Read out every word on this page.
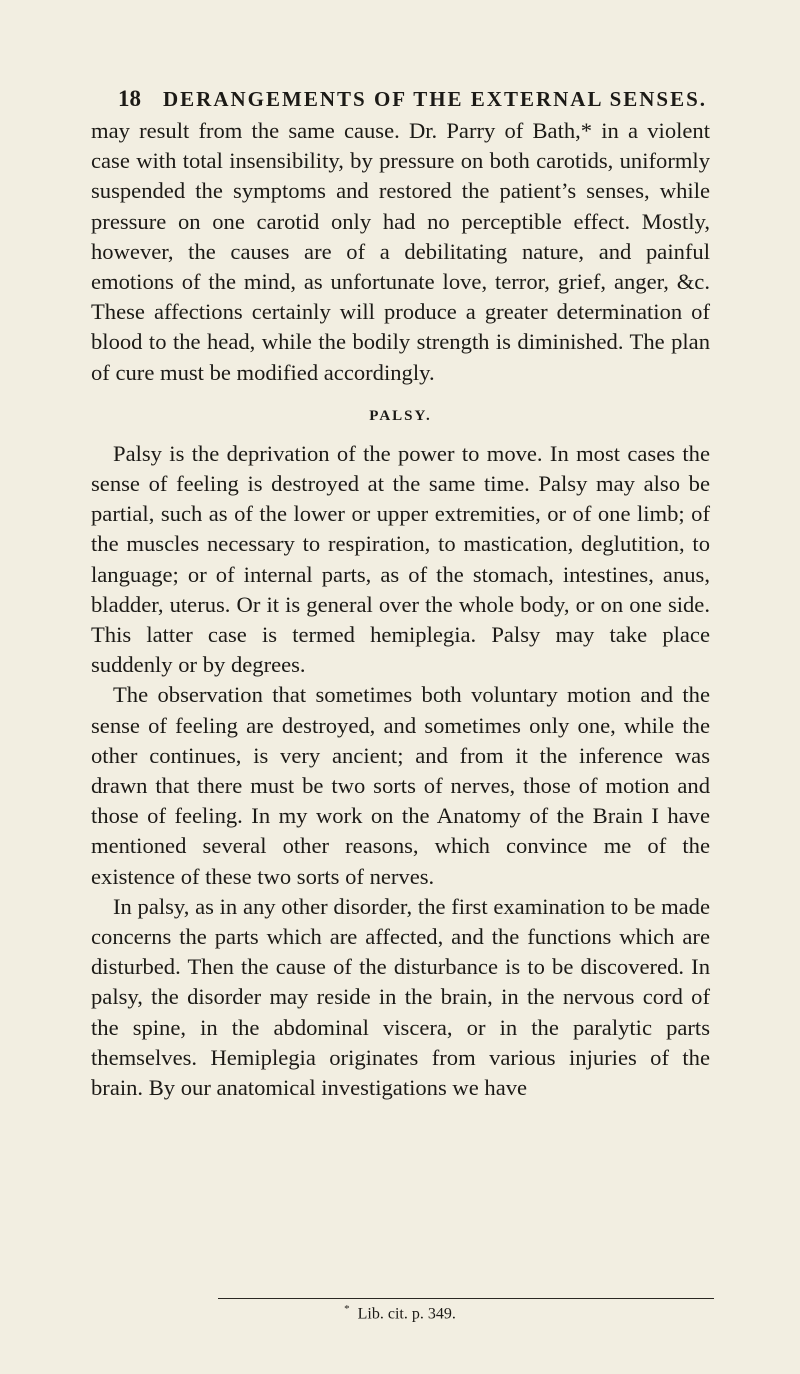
18 DERANGEMENTS OF THE EXTERNAL SENSES.

may result from the same cause. Dr. Parry of Bath,* in a violent case with total insensibility, by pressure on both carotids, uniformly suspended the symptoms and restored the patient’s senses, while pressure on one carotid only had no perceptible effect. Mostly, however, the causes are of a debilitating nature, and painful emotions of the mind, as unfortunate love, terror, grief, anger, &c. These affections certainly will produce a greater determination of blood to the head, while the bodily strength is diminished. The plan of cure must be modified accordingly.

PALSY.

Palsy is the deprivation of the power to move. In most cases the sense of feeling is destroyed at the same time. Palsy may also be partial, such as of the lower or upper extremities, or of one limb; of the muscles necessary to respiration, to mastication, deglutition, to language; or of internal parts, as of the stomach, intestines, anus, bladder, uterus. Or it is general over the whole body, or on one side. This latter case is termed hemiplegia. Palsy may take place suddenly or by degrees.

The observation that sometimes both voluntary motion and the sense of feeling are destroyed, and sometimes only one, while the other continues, is very ancient; and from it the inference was drawn that there must be two sorts of nerves, those of motion and those of feeling. In my work on the Anatomy of the Brain I have mentioned several other reasons, which convince me of the existence of these two sorts of nerves.

In palsy, as in any other disorder, the first examination to be made concerns the parts which are affected, and the functions which are disturbed. Then the cause of the disturbance is to be discovered. In palsy, the disorder may reside in the brain, in the nervous cord of the spine, in the abdominal viscera, or in the paralytic parts themselves. Hemiplegia originates from various injuries of the brain. By our anatomical investigations we have

* Lib. cit. p. 349.
